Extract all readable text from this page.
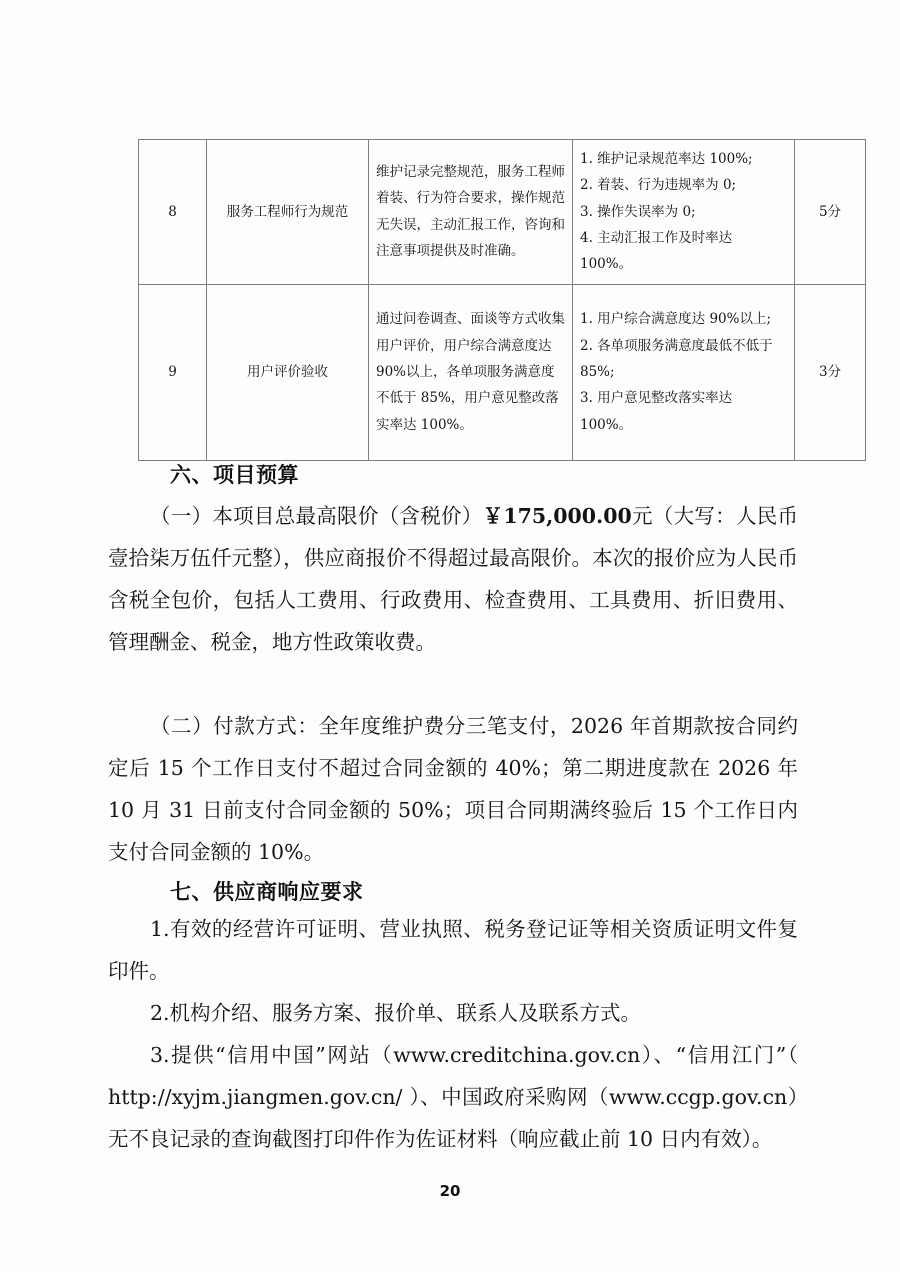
8	服务工程师行为规范	维护记录完整规范，服务工程师着装、行为符合要求，操作规范无失误，主动汇报工作，咨询和注意事项提供及时准确。	1. 维护记录规范率达 100%;
2. 着装、行为违规率为 0;
3. 操作失误率为 0;
4. 主动汇报工作及时率达 100%。	5分
9	用户评价验收	通过问卷调查、面谈等方式收集用户评价，用户综合满意度达 90%以上，各单项服务满意度不低于 85%，用户意见整改落实率达 100%。	1. 用户综合满意度达 90%以上;
2. 各单项服务满意度最低不低于 85%;
3. 用户意见整改落实率达 100%。	3分
六、项目预算
（一）本项目总最高限价（含税价）￥175,000.00元（大写：人民币壹拾柒万伍仟元整），供应商报价不得超过最高限价。本次的报价应为人民币含税全包价，包括人工费用、行政费用、检查费用、工具费用、折旧费用、管理酬金、税金，地方性政策收费。
（二）付款方式：全年度维护费分三笔支付，2026 年首期款按合同约定后 15 个工作日支付不超过合同金额的 40%；第二期进度款在 2026 年 10 月 31 日前支付合同金额的 50%；项目合同期满终验后 15 个工作日内支付合同金额的 10%。
七、供应商响应要求
1.有效的经营许可证明、营业执照、税务登记证等相关资质证明文件复印件。
2.机构介绍、服务方案、报价单、联系人及联系方式。
3.提供“信用中国”网站（www.creditchina.gov.cn）、“信用江门”（ http://xyjm.jiangmen.gov.cn/ ）、中国政府采购网（www.ccgp.gov.cn）无不良记录的查询截图打印件作为佐证材料（响应截止前 10 日内有效）。
20
